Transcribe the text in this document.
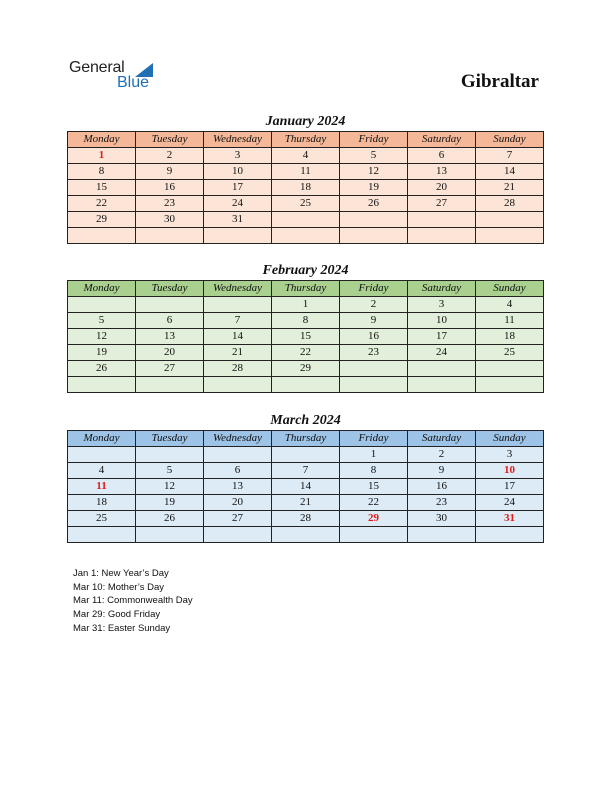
General
Blue	Gibraltar
January 2024
Monday	Tuesday	Wednesday	Thursday	Friday	Saturday	Sunday
1	2	3	4	5	6	7
8	9	10	11	12	13	14
15	16	17	18	19	20	21
22	23	24	25	26	27	28
29	30	31				

February 2024
Monday	Tuesday	Wednesday	Thursday	Friday	Saturday	Sunday
			1	2	3	4
5	6	7	8	9	10	11
12	13	14	15	16	17	18
19	20	21	22	23	24	25
26	27	28	29			

March 2024
Monday	Tuesday	Wednesday	Thursday	Friday	Saturday	Sunday
				1	2	3
4	5	6	7	8	9	10
11	12	13	14	15	16	17
18	19	20	21	22	23	24
25	26	27	28	29	30	31

Jan 1: New Year’s Day
Mar 10: Mother’s Day
Mar 11: Commonwealth Day
Mar 29: Good Friday
Mar 31: Easter Sunday
